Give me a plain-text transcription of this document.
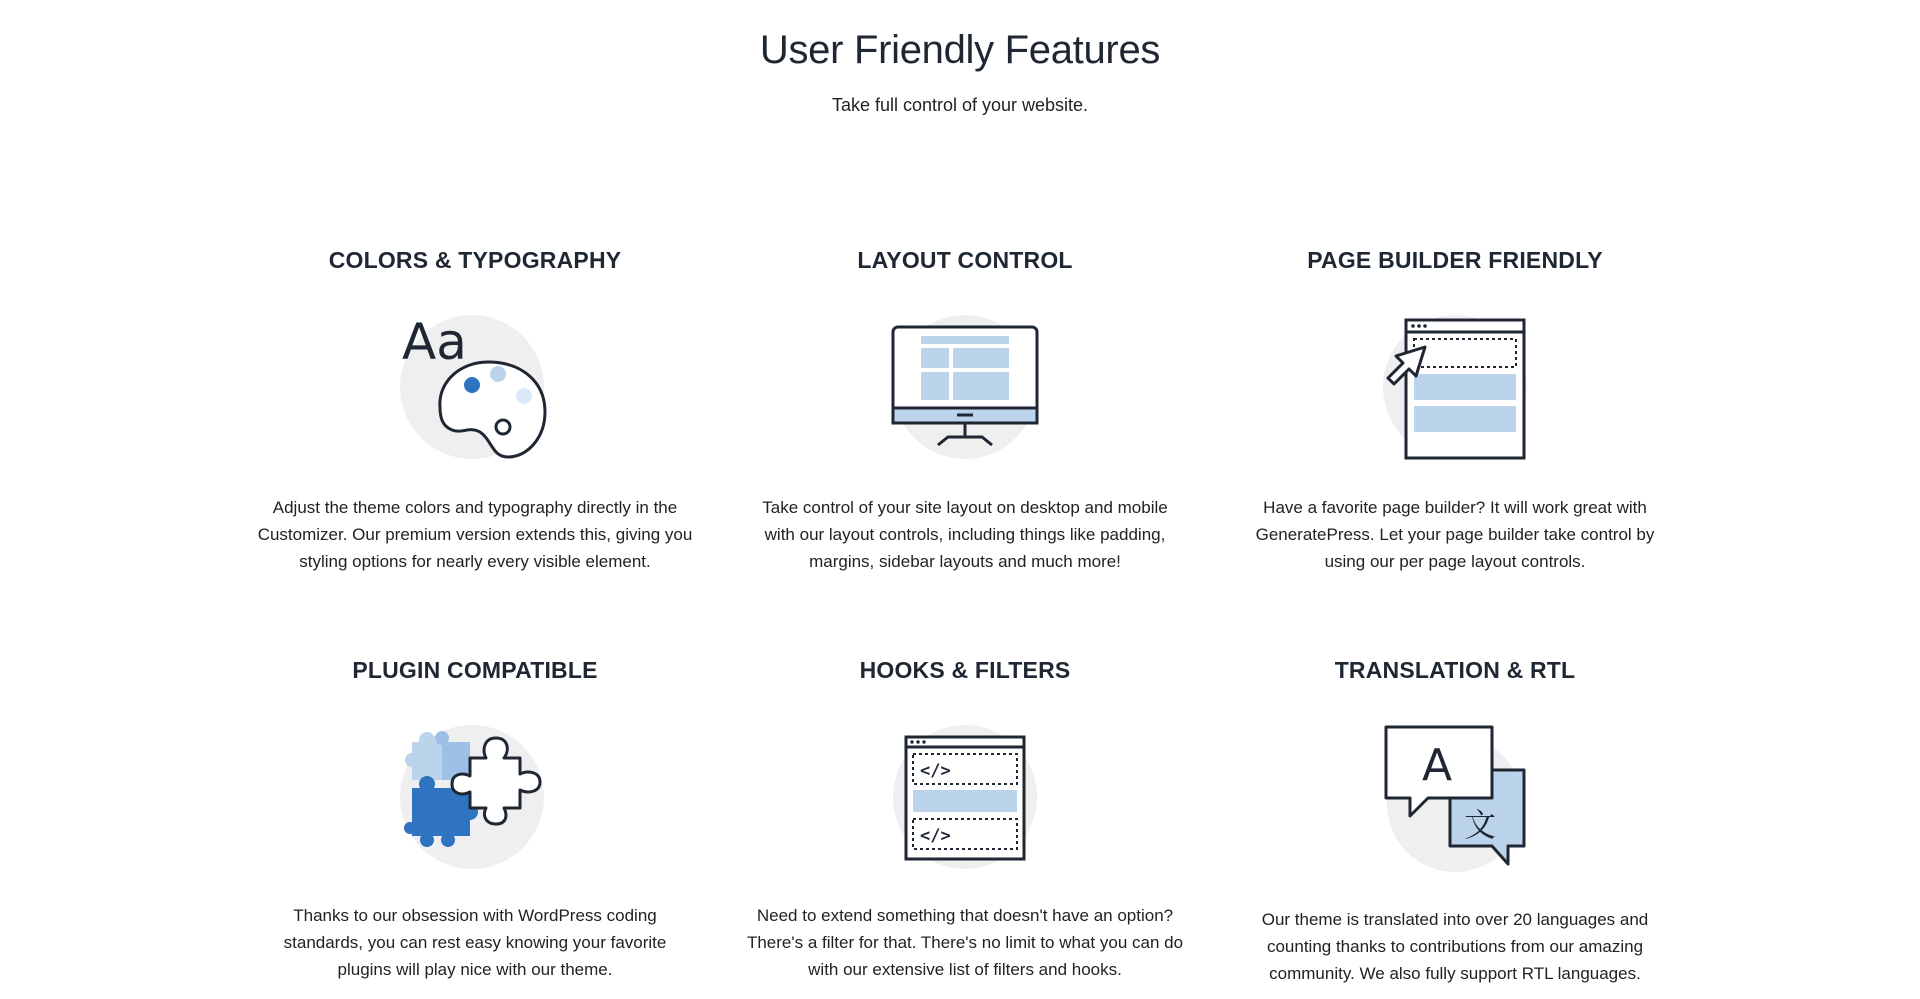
User Friendly Features

Take full control of your website.

COLORS & TYPOGRAPHY
Aa

Adjust the theme colors and typography directly in the Customizer. Our premium version extends this, giving you styling options for nearly every visible element.

LAYOUT CONTROL

Take control of your site layout on desktop and mobile with our layout controls, including things like padding, margins, sidebar layouts and much more!

PAGE BUILDER FRIENDLY

Have a favorite page builder? It will work great with GeneratePress. Let your page builder take control by using our per page layout controls.

PLUGIN COMPATIBLE

Thanks to our obsession with WordPress coding standards, you can rest easy knowing your favorite plugins will play nice with our theme.

HOOKS & FILTERS
</>
</>

Need to extend something that doesn't have an option? There's a filter for that. There's no limit to what you can do with our extensive list of filters and hooks.

TRANSLATION & RTL
A
文

Our theme is translated into over 20 languages and counting thanks to contributions from our amazing community. We also fully support RTL languages.
